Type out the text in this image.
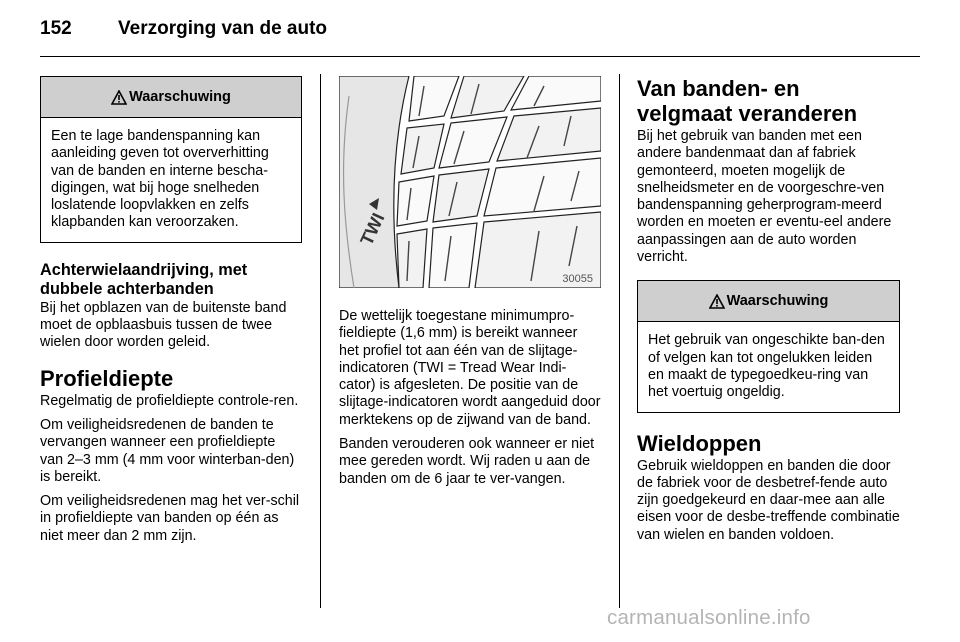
152 Verzorging van de auto
Waarschuwing
Een te lage bandenspanning kan aanleiding geven tot oververhitting van de banden en interne bescha-digingen, wat bij hoge snelheden loslatende loopvlakken en zelfs klapbanden kan veroorzaken.
Achterwielaandrijving, met dubbele achterbanden

Bij het opblazen van de buitenste band moet de opblaasbuis tussen de twee wielen door worden geleid.

Profieldiepte

Regelmatig de profieldiepte controle-ren.

Om veiligheidsredenen de banden te vervangen wanneer een profieldiepte van 2–3 mm (4 mm voor winterban-den) is bereikt.

Om veiligheidsredenen mag het ver-schil in profieldiepte van banden op één as niet meer dan 2 mm zijn.

TWI
30055

De wettelijk toegestane minimumpro-fieldiepte (1,6 mm) is bereikt wanneer het profiel tot aan één van de slijtage-indicatoren (TWI = Tread Wear Indi-cator) is afgesleten. De positie van de slijtage-indicatoren wordt aangeduid door merktekens op de zijwand van de band.

Banden verouderen ook wanneer er niet mee gereden wordt. Wij raden u aan de banden om de 6 jaar te ver-vangen.

Van banden- en velgmaat veranderen

Bij het gebruik van banden met een andere bandenmaat dan af fabriek gemonteerd, moeten mogelijk de snelheidsmeter en de voorgeschre-ven bandenspanning geherprogram-meerd worden en moeten er eventu-eel andere aanpassingen aan de auto worden verricht.

Waarschuwing
Het gebruik van ongeschikte ban-den of velgen kan tot ongelukken leiden en maakt de typegoedkeu-ring van het voertuig ongeldig.
Wieldoppen

Gebruik wieldoppen en banden die door de fabriek voor de desbetref-fende auto zijn goedgekeurd en daar-mee aan alle eisen voor de desbe-treffende combinatie van wielen en banden voldoen.

carmanualsonline.info
